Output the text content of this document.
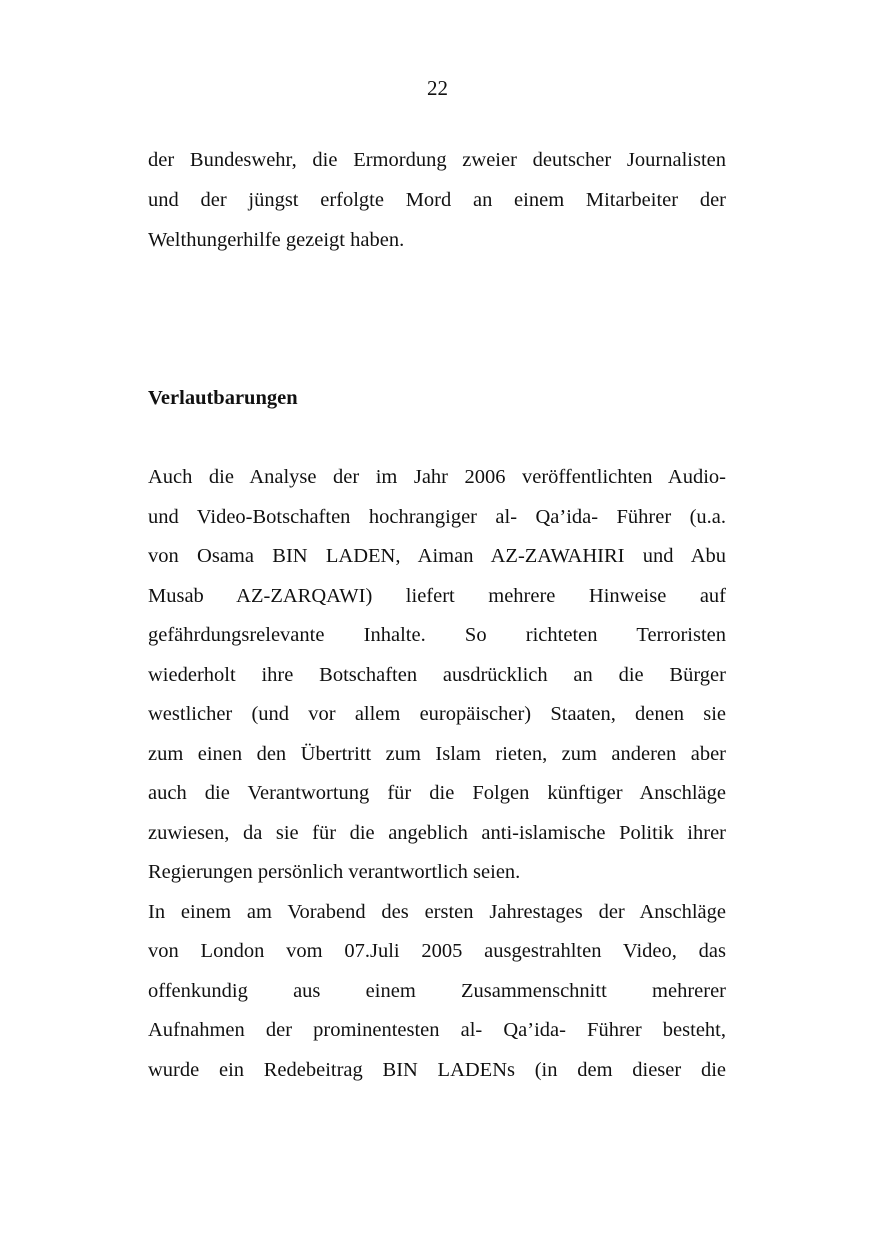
22
der Bundeswehr, die Ermordung zweier deutscher Journalisten
und der jüngst erfolgte Mord an einem Mitarbeiter der
Welthungerhilfe gezeigt haben.
Verlautbarungen
Auch die Analyse der im Jahr 2006 veröffentlichten Audio-
und Video-Botschaften hochrangiger al- Qa’ida- Führer (u.a.
von Osama BIN LADEN, Aiman AZ-ZAWAHIRI und Abu
Musab AZ-ZARQAWI) liefert mehrere Hinweise auf
gefährdungsrelevante Inhalte. So richteten Terroristen
wiederholt ihre Botschaften ausdrücklich an die Bürger
westlicher (und vor allem europäischer) Staaten, denen sie
zum einen den Übertritt zum Islam rieten, zum anderen aber
auch die Verantwortung für die Folgen künftiger Anschläge
zuwiesen, da sie für die angeblich anti-islamische Politik ihrer
Regierungen persönlich verantwortlich seien.
In einem am Vorabend des ersten Jahrestages der Anschläge
von London vom 07.Juli 2005 ausgestrahlten Video, das
offenkundig aus einem Zusammenschnitt mehrerer
Aufnahmen der prominentesten al- Qa’ida- Führer besteht,
wurde ein Redebeitrag BIN LADENs (in dem dieser die
